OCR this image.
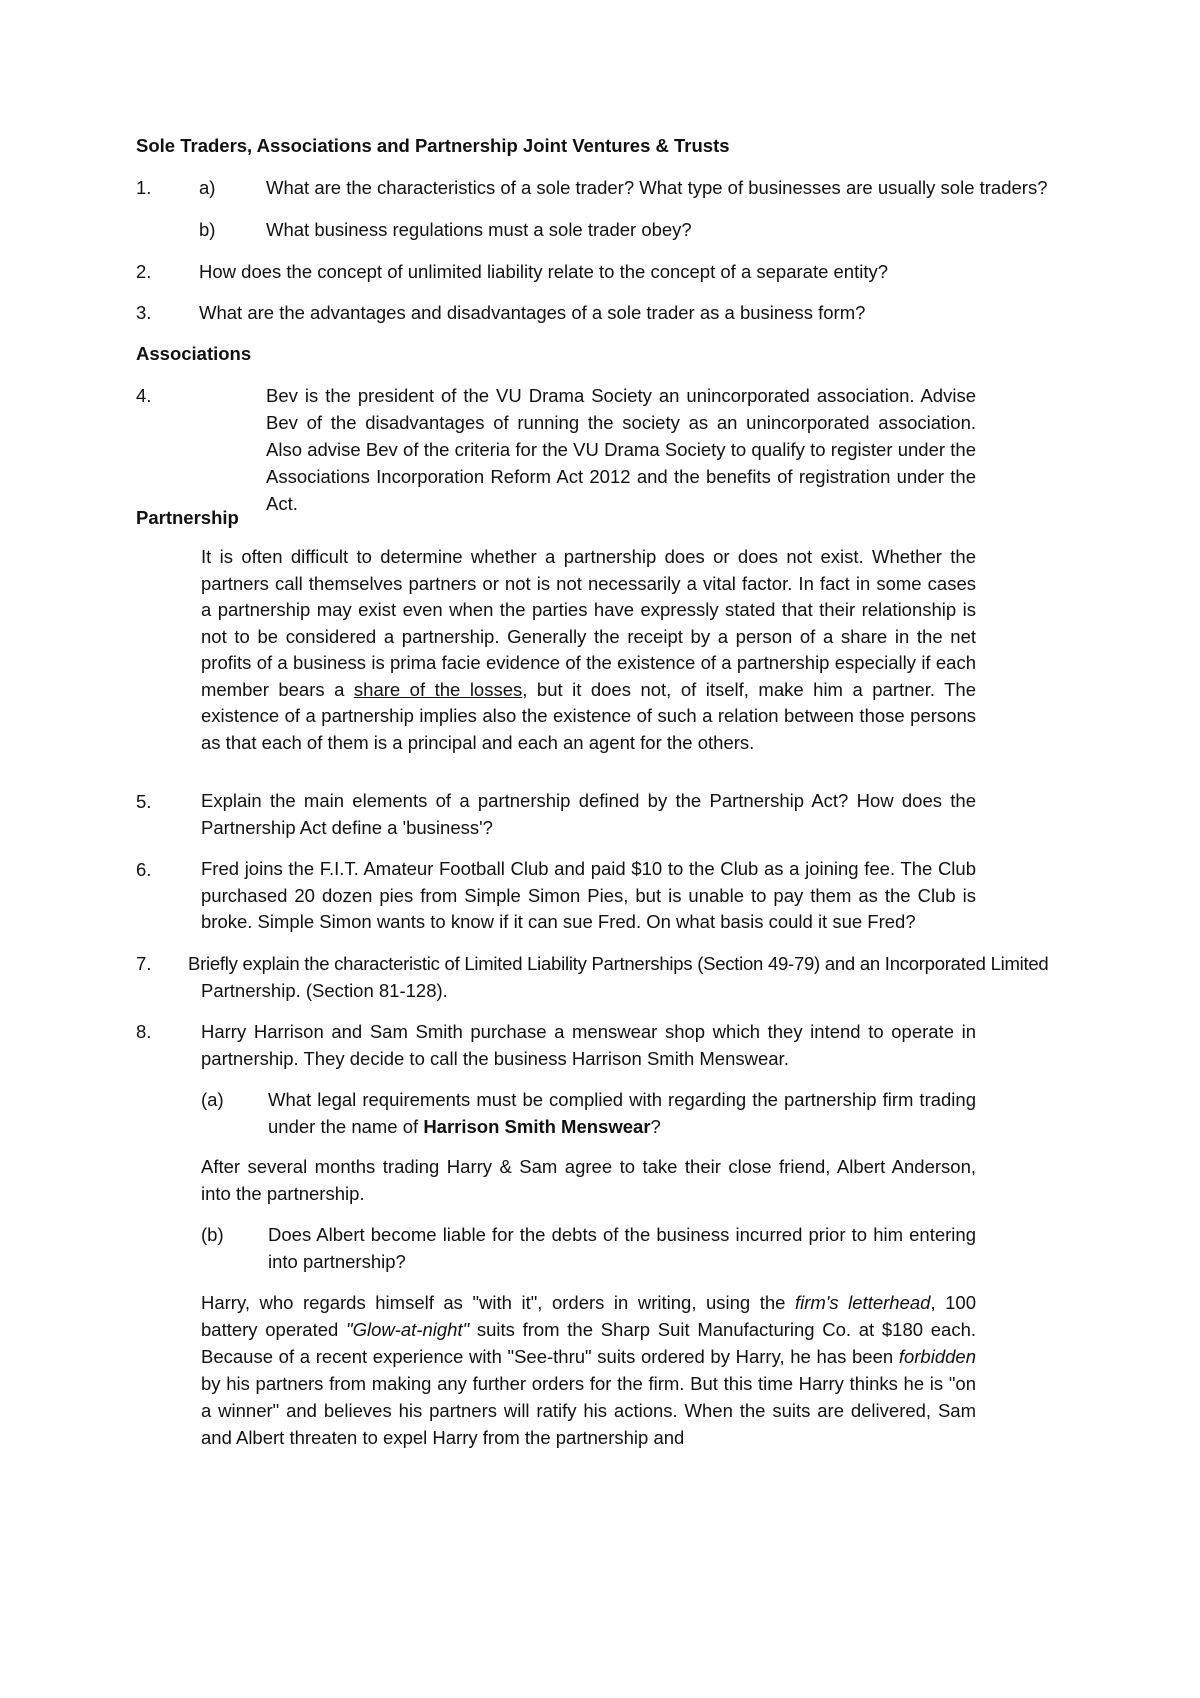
Sole Traders, Associations and Partnership Joint Ventures & Trusts
1.	a)	What are the characteristics of a sole trader? What type of businesses are usually sole traders?
b)	What business regulations must a sole trader obey?
2.	How does the concept of unlimited liability relate to the concept of a separate entity?
3.	What are the advantages and disadvantages of a sole trader as a business form?
Associations
4.	Bev is the president of the VU Drama Society an unincorporated association. Advise Bev of the disadvantages of running the society as an unincorporated association. Also advise Bev of the criteria for the VU Drama Society to qualify to register under the Associations Incorporation Reform Act 2012 and the benefits of registration under the Act.
Partnership
It is often difficult to determine whether a partnership does or does not exist. Whether the partners call themselves partners or not is not necessarily a vital factor. In fact in some cases a partnership may exist even when the parties have expressly stated that their relationship is not to be considered a partnership. Generally the receipt by a person of a share in the net profits of a business is prima facie evidence of the existence of a partnership especially if each member bears a share of the losses, but it does not, of itself, make him a partner. The existence of a partnership implies also the existence of such a relation between those persons as that each of them is a principal and each an agent for the others.
5.	Explain the main elements of a partnership defined by the Partnership Act? How does the Partnership Act define a 'business'?
6.	Fred joins the F.I.T. Amateur Football Club and paid $10 to the Club as a joining fee. The Club purchased 20 dozen pies from Simple Simon Pies, but is unable to pay them as the Club is broke. Simple Simon wants to know if it can sue Fred. On what basis could it sue Fred?
7. Briefly explain the characteristic of Limited Liability Partnerships (Section 49-79) and an Incorporated Limited
Partnership. (Section 81-128).
8.	Harry Harrison and Sam Smith purchase a menswear shop which they intend to operate in partnership. They decide to call the business Harrison Smith Menswear.
(a) What legal requirements must be complied with regarding the partnership firm trading under the name of Harrison Smith Menswear?
After several months trading Harry & Sam agree to take their close friend, Albert Anderson, into the partnership.
(b) Does Albert become liable for the debts of the business incurred prior to him entering into partnership?
Harry, who regards himself as "with it", orders in writing, using the firm's letterhead, 100 battery operated "Glow-at-night" suits from the Sharp Suit Manufacturing Co. at $180 each. Because of a recent experience with "See-thru" suits ordered by Harry, he has been forbidden by his partners from making any further orders for the firm. But this time Harry thinks he is "on a winner" and believes his partners will ratify his actions. When the suits are delivered, Sam and Albert threaten to expel Harry from the partnership and
